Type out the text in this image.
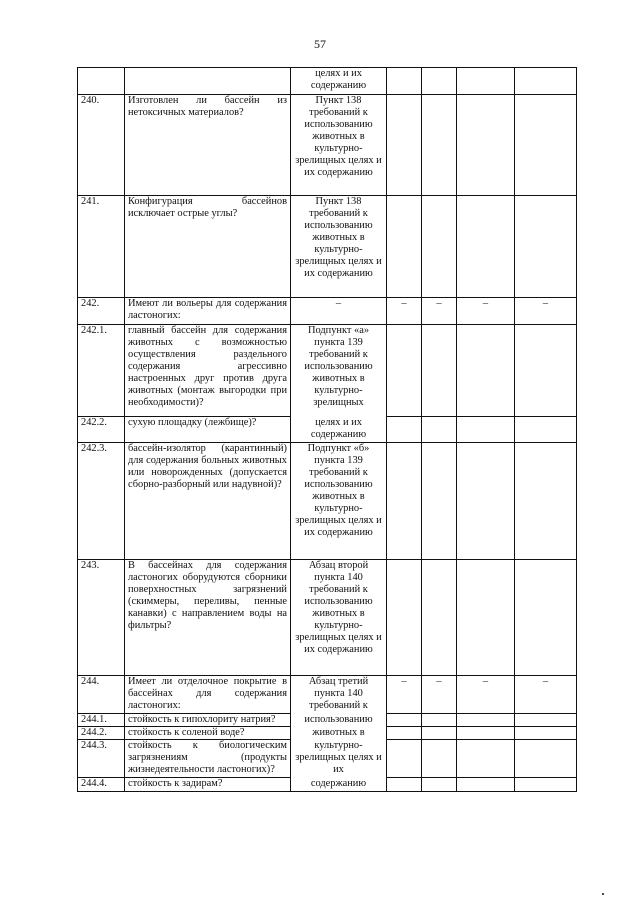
57
		целях и их содержанию				
240.	Изготовлен ли бассейн из нетоксичных материалов?	Пункт 138 требований к использованию животных в культурно-зрелищных целях и их содержанию				
241.	Конфигурация бассейнов исключает острые углы?	Пункт 138 требований к использованию животных в культурно-зрелищных целях и их содержанию				
242.	Имеют ли вольеры для содержания ластоногих:	–	–	–	–	–
242.1.	главный бассейн для содержания животных с возможностью осуществления раздельного содержания агрессивно настроенных друг против друга животных (монтаж выгородки при необходимости)?	Подпункт «а» пункта 139 требований к использованию животных в культурно-зрелищных				
242.2.	сухую площадку (лежбище)?	целях и их содержанию				
242.3.	бассейн-изолятор (карантинный) для содержания больных животных или новорожденных (допускается сборно-разборный или надувной)?	Подпункт «б» пункта 139 требований к использованию животных в культурно-зрелищных целях и их содержанию				
243.	В бассейнах для содержания ластоногих оборудуются сборники поверхностных загрязнений (скиммеры, переливы, пенные канавки) с направлением воды на фильтры?	Абзац второй пункта 140 требований к использованию животных в культурно-зрелищных целях и их содержанию				
244.	Имеет ли отделочное покрытие в бассейнах для содержания ластоногих:	Абзац третий пункта 140 требований к	–	–	–	–
244.1.	стойкость к гипохлориту натрия?	использованию				
244.2.	стойкость к соленой воде?	животных в				
244.3.	стойкость к биологическим загрязнениям (продукты жизнедеятельности ластоногих)?	культурно-зрелищных целях и их				
244.4.	стойкость к задирам?	содержанию				
